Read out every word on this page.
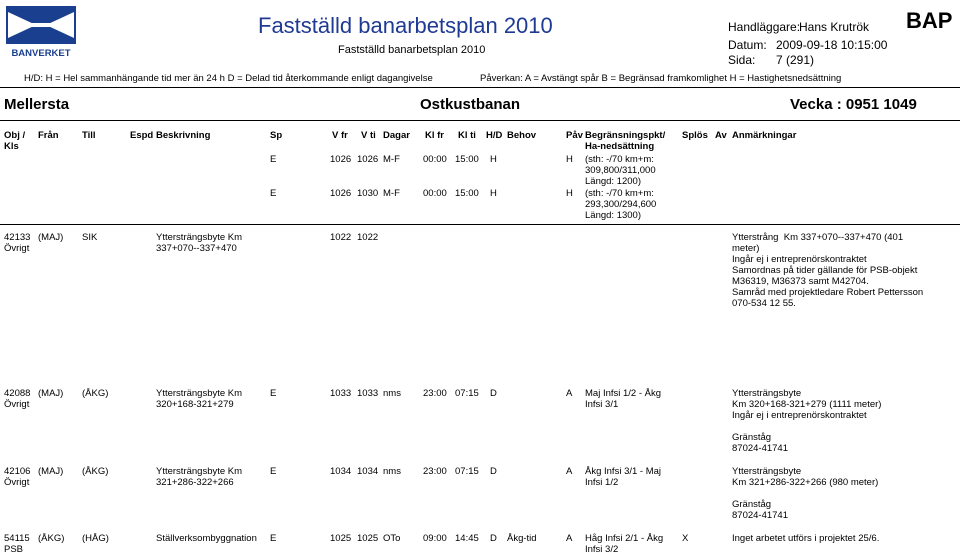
BANVERKET
Fastställd banarbetsplan 2010
Fastställd banarbetsplan 2010
Handläggare:
Hans Krutrök
Datum: 2009-09-18 10:15:00
Sida: 7 (291)
BAP
H/D: H = Hel sammanhängande tid mer än 24 h D = Delad tid återkommande enligt dagangivelse	Påverkan: A = Avstängt spår B = Begränsad framkomlighet H = Hastighetsnedsättning
Mellersta	Ostkustbanan	Vecka : 0951 1049
Obj /
Kls
Från Till	Espd Beskrivning	Sp	V fr V ti Dagar Kl fr Kl ti H/D Behov	Påv Begränsningspkt/
Ha-nedsättning
Splös Av Anmärkningar
E	1026 1026 M-F 00:00 15:00 H	H (sth: -/70 km+m:
309,800/311,000
Längd: 1200)
E	1026 1030 M-F 00:00 15:00 H	H (sth: -/70 km+m:
293,300/294,600
Längd: 1300)
42133
Övrigt
(MAJ) SIK	Yttersträngsbyte Km
337+070--337+470
1022 1022	Ytterstrång  Km 337+070--337+470 (401
meter)
Ingår ej i entreprenörskontraktet
Samordnas på tider gällande för PSB-objekt
M36319, M36373 samt M42704.
Samråd med projektledare Robert Pettersson
070-534 12 55.
42088
Övrigt
(MAJ) (ÅKG)	Yttersträngsbyte Km
320+168-321+279
E	1033 1033 nms 23:00 07:15 D	A Maj Infsi 1/2 - Åkg
Infsi 3/1
Yttersträngsbyte
Km 320+168-321+279 (1111 meter)
Ingår ej i entreprenörskontraktet

Gränståg
87024-41741
42106
Övrigt
(MAJ) (ÅKG)	Yttersträngsbyte Km
321+286-322+266
E	1034 1034 nms 23:00 07:15 D	A Åkg Infsi 3/1 - Maj
Infsi 1/2
Yttersträngsbyte
Km 321+286-322+266 (980 meter)

Gränståg
87024-41741
54115
PSB
(ÅKG) (HÅG)	Ställverksombyggnation E	1025 1025 OTo 09:00 14:45 D Åkg-tid	A Håg Infsi 2/1 - Åkg
Infsi 3/2
X	Inget arbetet utförs i projektet 25/6.
